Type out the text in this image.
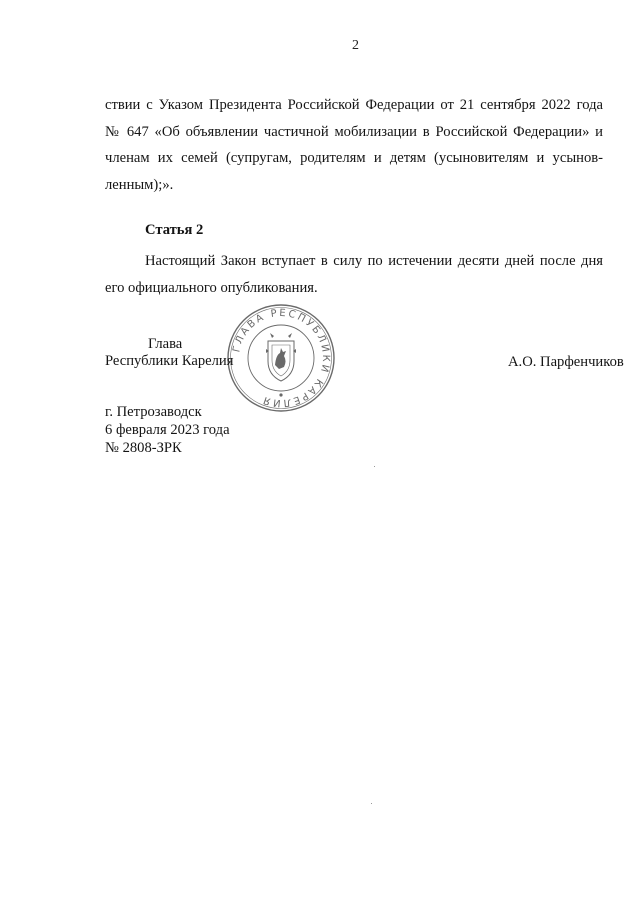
2
ствии с Указом Президента Российской Федерации от 21 сентября 2022 года
№ 647 «Об объявлении частичной мобилизации в Российской Федерации» и
членам их семей (супругам, родителям и детям (усыновителям и усынов-
ленным);».
Статья 2
Настоящий Закон вступает в силу по истечении десяти дней после дня
его официального опубликования.
ГЛАВА РЕСПУБЛИКИ КАРЕЛИЯ
Глава
Республики Карелия	А.О. Парфенчиков
г. Петрозаводск
6 февраля 2023 года
№ 2808-ЗРК
